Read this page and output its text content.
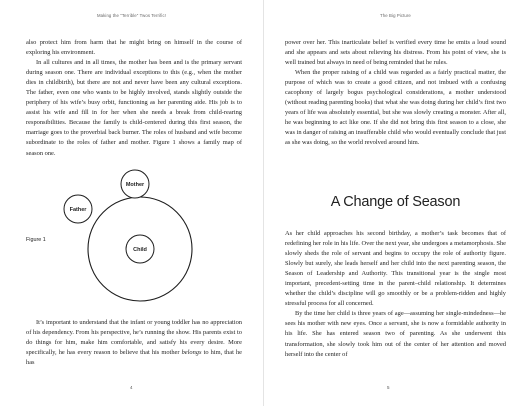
Making the "Terrible" Twos Terrific!

also protect him from harm that he might bring on himself in the course of exploring his environment.

In all cultures and in all times, the mother has been and is the primary servant during season one. There are individual exceptions to this (e.g., when the mother dies in childbirth), but there are not and never have been any cultural exceptions. The father, even one who wants to be highly involved, stands slightly outside the periphery of his wife’s busy orbit, functioning as her parenting aide. His job is to assist his wife and fill in for her when she needs a break from child-rearing responsibilities. Because the family is child-centered during this first season, the marriage goes to the proverbial back burner. The roles of husband and wife become subordinate to the roles of father and mother. Figure 1 shows a family map of season one.

Figure 1
Father
Mother
Child

It’s important to understand that the infant or young toddler has no appreciation of his dependency. From his perspective, he’s running the show. His parents exist to do things for him, make him comfortable, and satisfy his every desire. More specifically, he has every reason to believe that his mother belongs to him, that he has

4
The Big Picture

power over her. This inarticulate belief is verified every time he emits a loud sound and she appears and sets about relieving his distress. From his point of view, she is well trained but always in need of being reminded that he rules.

When the proper raising of a child was regarded as a fairly practical matter, the purpose of which was to create a good citizen, and not imbued with a confusing cacophony of largely bogus psychological considerations, a mother understood (without reading parenting books) that what she was doing during her child’s first two years of life was absolutely essential, but she was slowly creating a monster. After all, he was beginning to act like one. If she did not bring this first season to a close, she was in danger of raising an insufferable child who would eventually conclude that just as she was doing, so the world revolved around him.

A Change of Season

As her child approaches his second birthday, a mother’s task becomes that of redefining her role in his life. Over the next year, she undergoes a metamorphosis. She slowly sheds the role of servant and begins to occupy the role of authority figure. Slowly but surely, she leads herself and her child into the next parenting season, the Season of Leadership and Authority. This transitional year is the single most important, precedent-setting time in the parent–child relationship. It determines whether the child’s discipline will go smoothly or be a problem-ridden and highly stressful process for all concerned.

By the time her child is three years of age—assuming her single-mindedness—he sees his mother with new eyes. Once a servant, she is now a formidable authority in his life. She has entered season two of parenting. As she underwent this transformation, she slowly took him out of the center of her attention and moved herself into the center of

5
